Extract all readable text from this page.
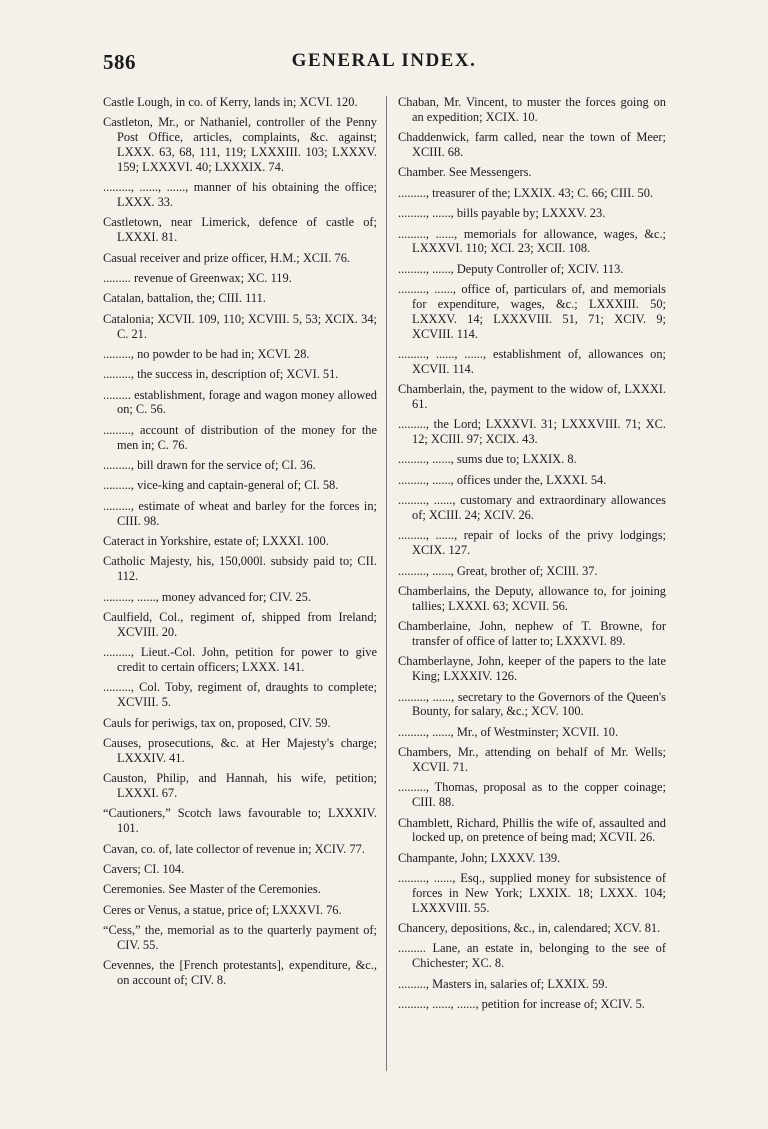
586	GENERAL INDEX.

Castle Lough, in co. of Kerry, lands in; XCVI. 120.

Castleton, Mr., or Nathaniel, controller of the Penny Post Office, articles, complaints, &c. against; LXXX. 63, 68, 111, 119; LXXXIII. 103; LXXXV. 159; LXXXVI. 40; LXXXIX. 74.

........., ......, ......, manner of his obtaining the office; LXXX. 33.

Castletown, near Limerick, defence of castle of; LXXXI. 81.

Casual receiver and prize officer, H.M.; XCII. 76.

......... revenue of Greenwax; XC. 119.

Catalan, battalion, the; CIII. 111.

Catalonia; XCVII. 109, 110; XCVIII. 5, 53; XCIX. 34; C. 21.

........., no powder to be had in; XCVI. 28.

........., the success in, description of; XCVI. 51.

......... establishment, forage and wagon money allowed on; C. 56.

........., account of distribution of the money for the men in; C. 76.

........., bill drawn for the service of; CI. 36.

........., vice-king and captain-general of; CI. 58.

........., estimate of wheat and barley for the forces in; CIII. 98.

Cateract in Yorkshire, estate of; LXXXI. 100.

Catholic Majesty, his, 150,000l. subsidy paid to; CII. 112.

........., ......, money advanced for; CIV. 25.

Caulfield, Col., regiment of, shipped from Ireland; XCVIII. 20.

........., Lieut.-Col. John, petition for power to give credit to certain officers; LXXX. 141.

........., Col. Toby, regiment of, draughts to complete; XCVIII. 5.

Cauls for periwigs, tax on, proposed, CIV. 59.

Causes, prosecutions, &c. at Her Majesty's charge; LXXXIV. 41.

Causton, Philip, and Hannah, his wife, petition; LXXXI. 67.

“Cautioners,” Scotch laws favourable to; LXXXIV. 101.

Cavan, co. of, late collector of revenue in; XCIV. 77.

Cavers; CI. 104.

Ceremonies. See Master of the Ceremonies.

Ceres or Venus, a statue, price of; LXXXVI. 76.

“Cess,” the, memorial as to the quarterly payment of; CIV. 55.

Cevennes, the [French protestants], expenditure, &c., on account of; CIV. 8.

Chaban, Mr. Vincent, to muster the forces going on an expedition; XCIX. 10.

Chaddenwick, farm called, near the town of Meer; XCIII. 68.

Chamber. See Messengers.

........., treasurer of the; LXXIX. 43; C. 66; CIII. 50.

........., ......, bills payable by; LXXXV. 23.

........., ......, memorials for allowance, wages, &c.; LXXXVI. 110; XCI. 23; XCII. 108.

........., ......, Deputy Controller of; XCIV. 113.

........., ......, office of, particulars of, and memorials for expenditure, wages, &c.; LXXXIII. 50; LXXXV. 14; LXXXVIII. 51, 71; XCIV. 9; XCVIII. 114.

........., ......, ......, establishment of, allowances on; XCVII. 114.

Chamberlain, the, payment to the widow of, LXXXI. 61.

........., the Lord; LXXXVI. 31; LXXXVIII. 71; XC. 12; XCIII. 97; XCIX. 43.

........., ......, sums due to; LXXIX. 8.

........., ......, offices under the, LXXXI. 54.

........., ......, customary and extraordinary allowances of; XCIII. 24; XCIV. 26.

........., ......, repair of locks of the privy lodgings; XCIX. 127.

........., ......, Great, brother of; XCIII. 37.

Chamberlains, the Deputy, allowance to, for joining tallies; LXXXI. 63; XCVII. 56.

Chamberlaine, John, nephew of T. Browne, for transfer of office of latter to; LXXXVI. 89.

Chamberlayne, John, keeper of the papers to the late King; LXXXIV. 126.

........., ......, secretary to the Governors of the Queen's Bounty, for salary, &c.; XCV. 100.

........., ......, Mr., of Westminster; XCVII. 10.

Chambers, Mr., attending on behalf of Mr. Wells; XCVII. 71.

........., Thomas, proposal as to the copper coinage; CIII. 88.

Chamblett, Richard, Phillis the wife of, assaulted and locked up, on pretence of being mad; XCVII. 26.

Champante, John; LXXXV. 139.

........., ......, Esq., supplied money for subsistence of forces in New York; LXXIX. 18; LXXX. 104; LXXXVIII. 55.

Chancery, depositions, &c., in, calendared; XCV. 81.

......... Lane, an estate in, belonging to the see of Chichester; XC. 8.

........., Masters in, salaries of; LXXIX. 59.

........., ......, ......, petition for increase of; XCIV. 5.
